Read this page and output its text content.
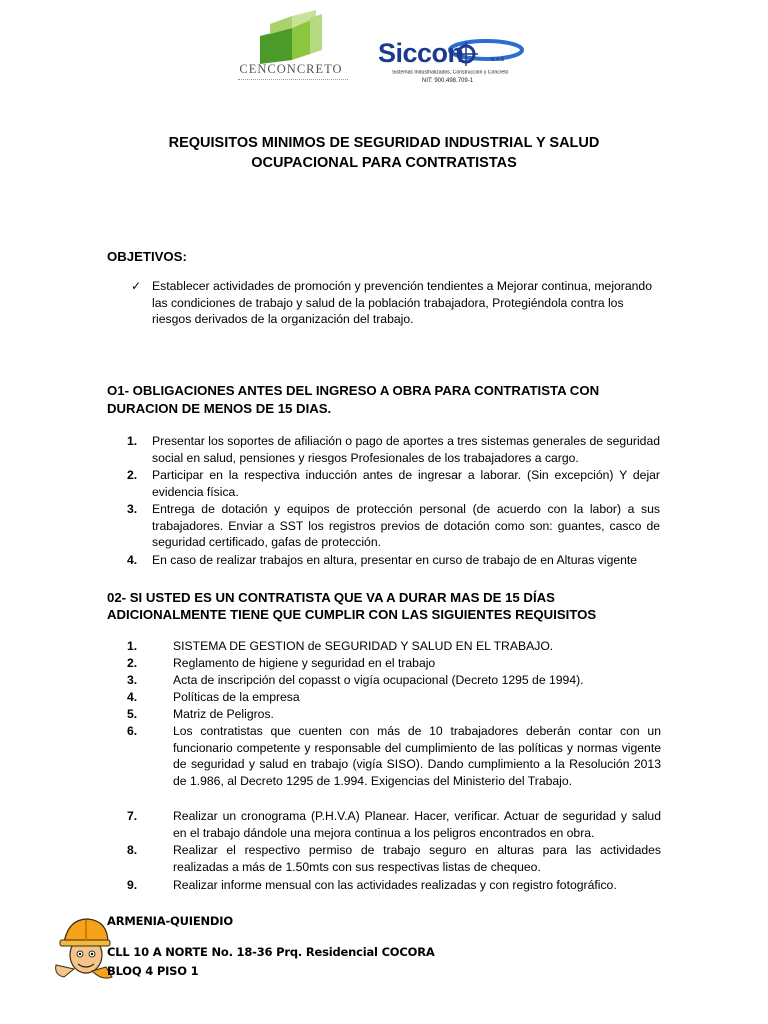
CENCONCRETO
Siccon	S.A.S
Sistemas Industrializados, Construcción y Concreto
NIT: 900.498.709-1
REQUISITOS MINIMOS DE SEGURIDAD INDUSTRIAL Y SALUD
OCUPACIONAL PARA CONTRATISTAS
OBJETIVOS:
✓ Establecer actividades de promoción y prevención tendientes a Mejorar continua, mejorando las condiciones de trabajo y salud de la población trabajadora, Protegiéndola contra los riesgos derivados de la organización del trabajo.
O1- OBLIGACIONES ANTES DEL INGRESO A OBRA PARA CONTRATISTA CON
DURACION DE MENOS DE 15 DIAS.
1. Presentar los soportes de afiliación o pago de aportes a tres sistemas generales de seguridad social en salud, pensiones y riesgos Profesionales de los trabajadores a cargo.
2. Participar en la respectiva inducción antes de ingresar a laborar. (Sin excepción) Y dejar evidencia física.
3. Entrega de dotación y equipos de protección personal (de acuerdo con la labor) a sus trabajadores. Enviar a SST los registros previos de dotación como son: guantes, casco de seguridad certificado, gafas de protección.
4. En caso de realizar trabajos en altura, presentar en curso de trabajo de en Alturas vigente
02- SI USTED ES UN CONTRATISTA QUE VA A DURAR MAS DE 15 DÍAS
ADICIONALMENTE TIENE QUE CUMPLIR CON LAS SIGUIENTES REQUISITOS
1.	SISTEMA DE GESTION de SEGURIDAD Y SALUD EN EL TRABAJO.
2.	Reglamento de higiene y seguridad en el trabajo
3.	Acta de inscripción del copasst o vigía ocupacional (Decreto 1295 de 1994).
4.	Políticas de la empresa
5.	Matriz de Peligros.
6.	Los contratistas que cuenten con más de 10 trabajadores deberán contar con un funcionario competente y responsable del cumplimiento de las políticas y normas vigente de seguridad y salud en trabajo (vigía SISO). Dando cumplimiento a la Resolución 2013 de 1.986, al Decreto 1295 de 1.994. Exigencias del Ministerio del Trabajo.
7.	Realizar un cronograma (P.H.V.A) Planear. Hacer, verificar. Actuar de seguridad y salud en el trabajo dándole una mejora continua a los peligros encontrados en obra.
8.	Realizar el respectivo permiso de trabajo seguro en alturas para las actividades realizadas a más de 1.50mts con sus respectivas listas de chequeo.
9.	Realizar informe mensual con las actividades realizadas y con registro fotográfico.
ARMENIA-QUIENDIO
CLL 10 A NORTE No. 18-36 Prq. Residencial COCORA
BLOQ 4 PISO 1
